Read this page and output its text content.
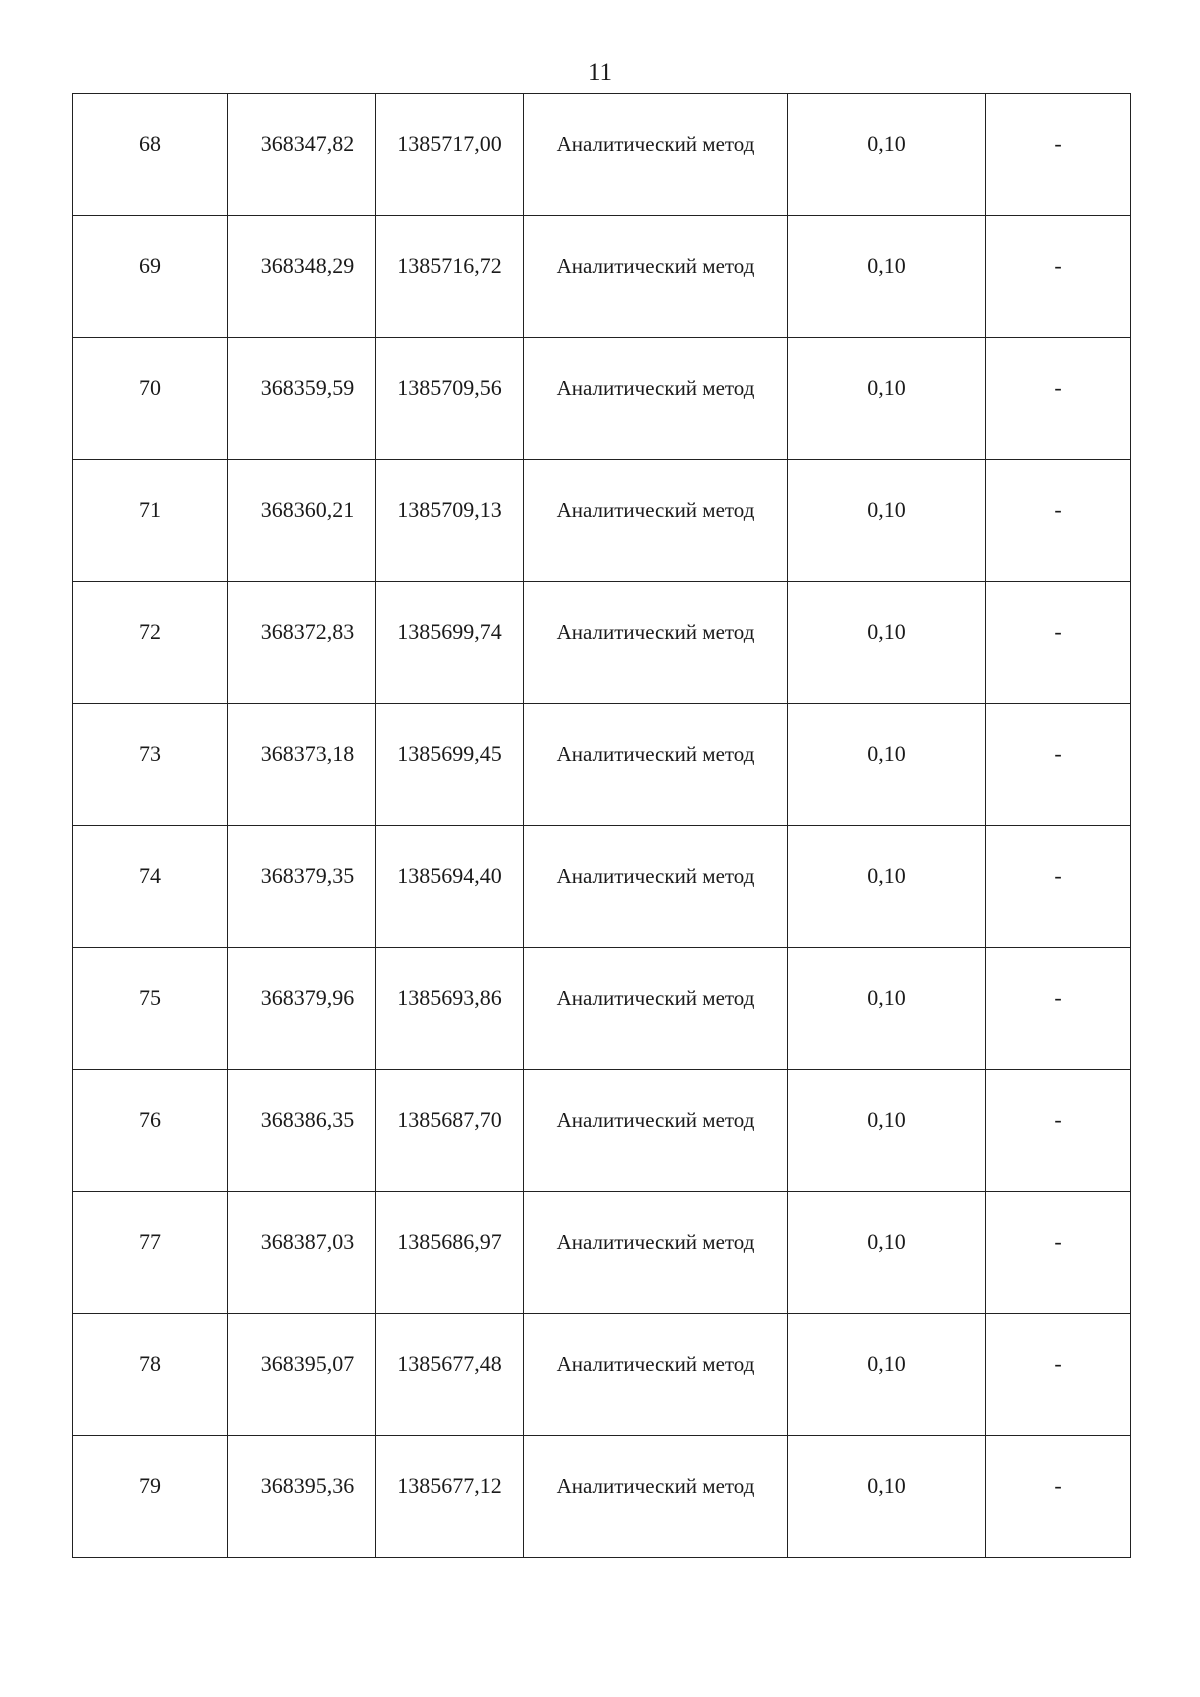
11
68	368347,82	1385717,00	Аналитический метод	0,10	-

69	368348,29	1385716,72	Аналитический метод	0,10	-

70	368359,59	1385709,56	Аналитический метод	0,10	-

71	368360,21	1385709,13	Аналитический метод	0,10	-

72	368372,83	1385699,74	Аналитический метод	0,10	-

73	368373,18	1385699,45	Аналитический метод	0,10	-

74	368379,35	1385694,40	Аналитический метод	0,10	-

75	368379,96	1385693,86	Аналитический метод	0,10	-

76	368386,35	1385687,70	Аналитический метод	0,10	-

77	368387,03	1385686,97	Аналитический метод	0,10	-

78	368395,07	1385677,48	Аналитический метод	0,10	-

79	368395,36	1385677,12	Аналитический метод	0,10	-
